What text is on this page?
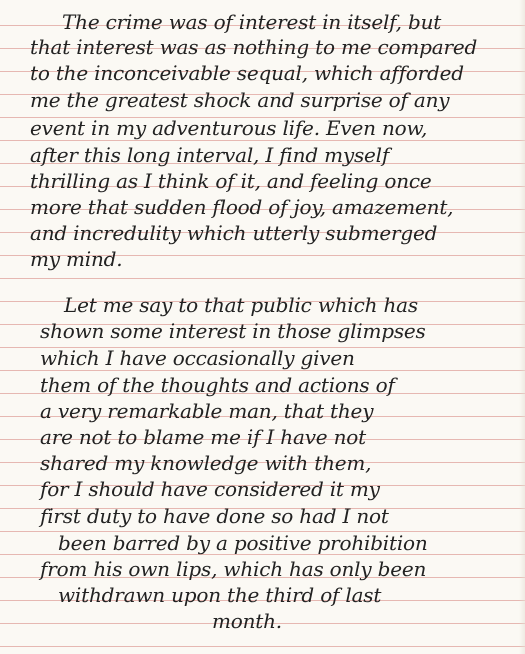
The crime was of interest in itself, but
that interest was as nothing to me compared
to the inconceivable sequal, which afforded
me the greatest shock and surprise of any
event in my adventurous life. Even now,
after this long interval, I find myself
thrilling as I think of it, and feeling once
more that sudden flood of joy, amazement,
and incredulity which utterly submerged
my mind.
Let me say to that public which has
shown some interest in those glimpses
which I have occasionally given
them of the thoughts and actions of
a very remarkable man, that they
are not to blame me if I have not
shared my knowledge with them,
for I should have considered it my
first duty to have done so had I not
been barred by a positive prohibition
from his own lips, which has only been
withdrawn upon the third of last
month.
